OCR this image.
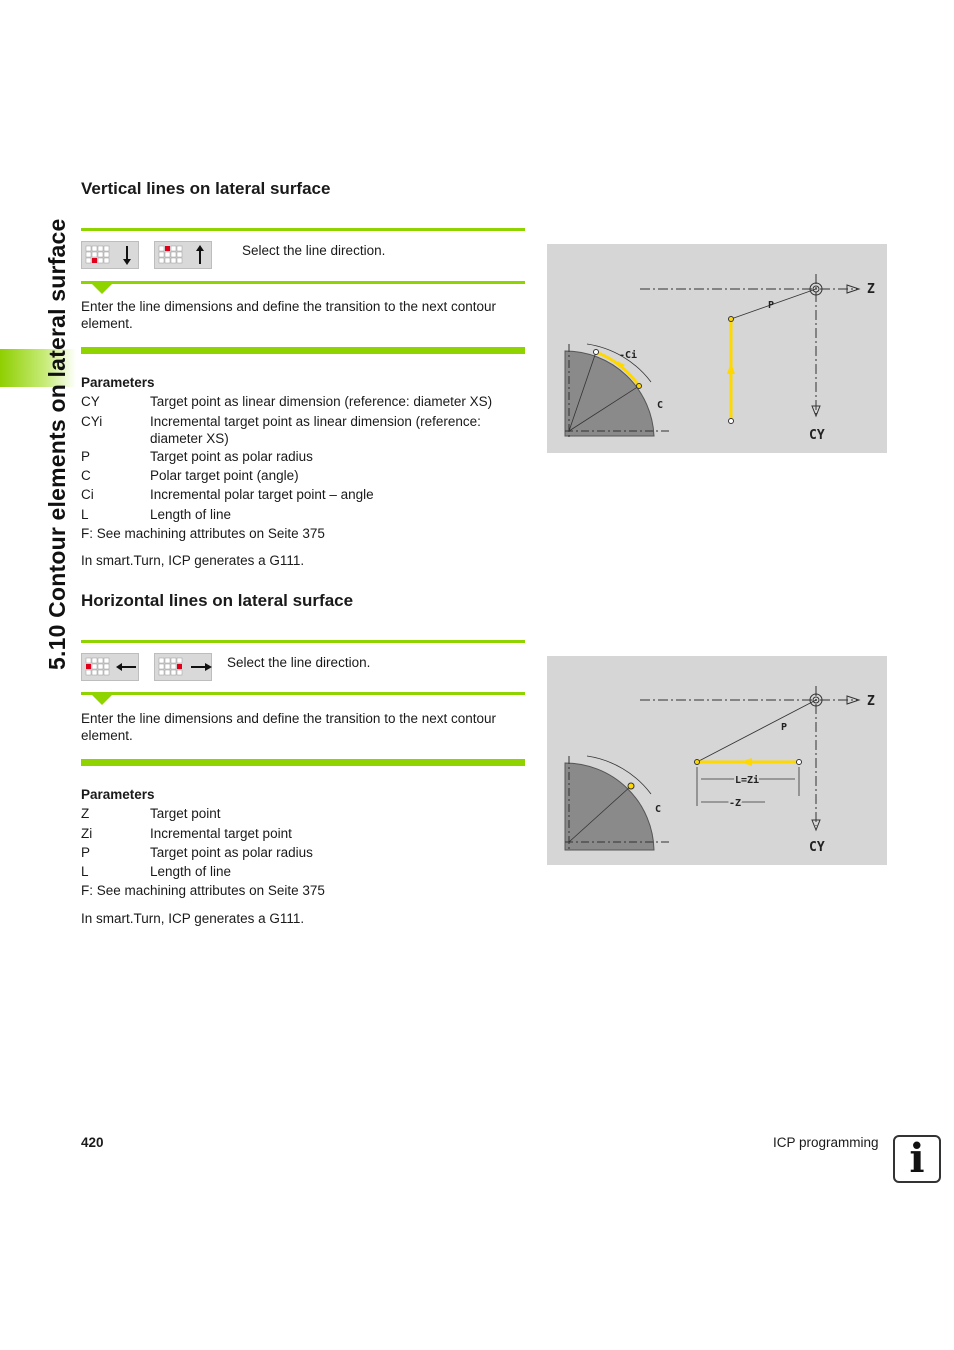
5.10 Contour elements on lateral surface
Vertical lines on lateral surface
Select the line direction.
Enter the line dimensions and define the transition to the next contour element.
Parameters
CY	Target point as linear dimension (reference: diameter XS)
CYi	Incremental target point as linear dimension (reference: diameter XS)
P	Target point as polar radius
C	Polar target point (angle)
Ci	Incremental polar target point – angle
L	Length of line
F: See machining attributes on Seite 375
In smart.Turn, ICP generates a G111.
Z
CY
P
-Ci
C
Horizontal lines on lateral surface
Select the line direction.
Enter the line dimensions and define the transition to the next contour element.
Parameters
Z	Target point
Zi	Incremental target point
P	Target point as polar radius
L	Length of line
F: See machining attributes on Seite 375
In smart.Turn, ICP generates a G111.
Z
CY
P
L=Zi
-Z
C
420	ICP programming i
